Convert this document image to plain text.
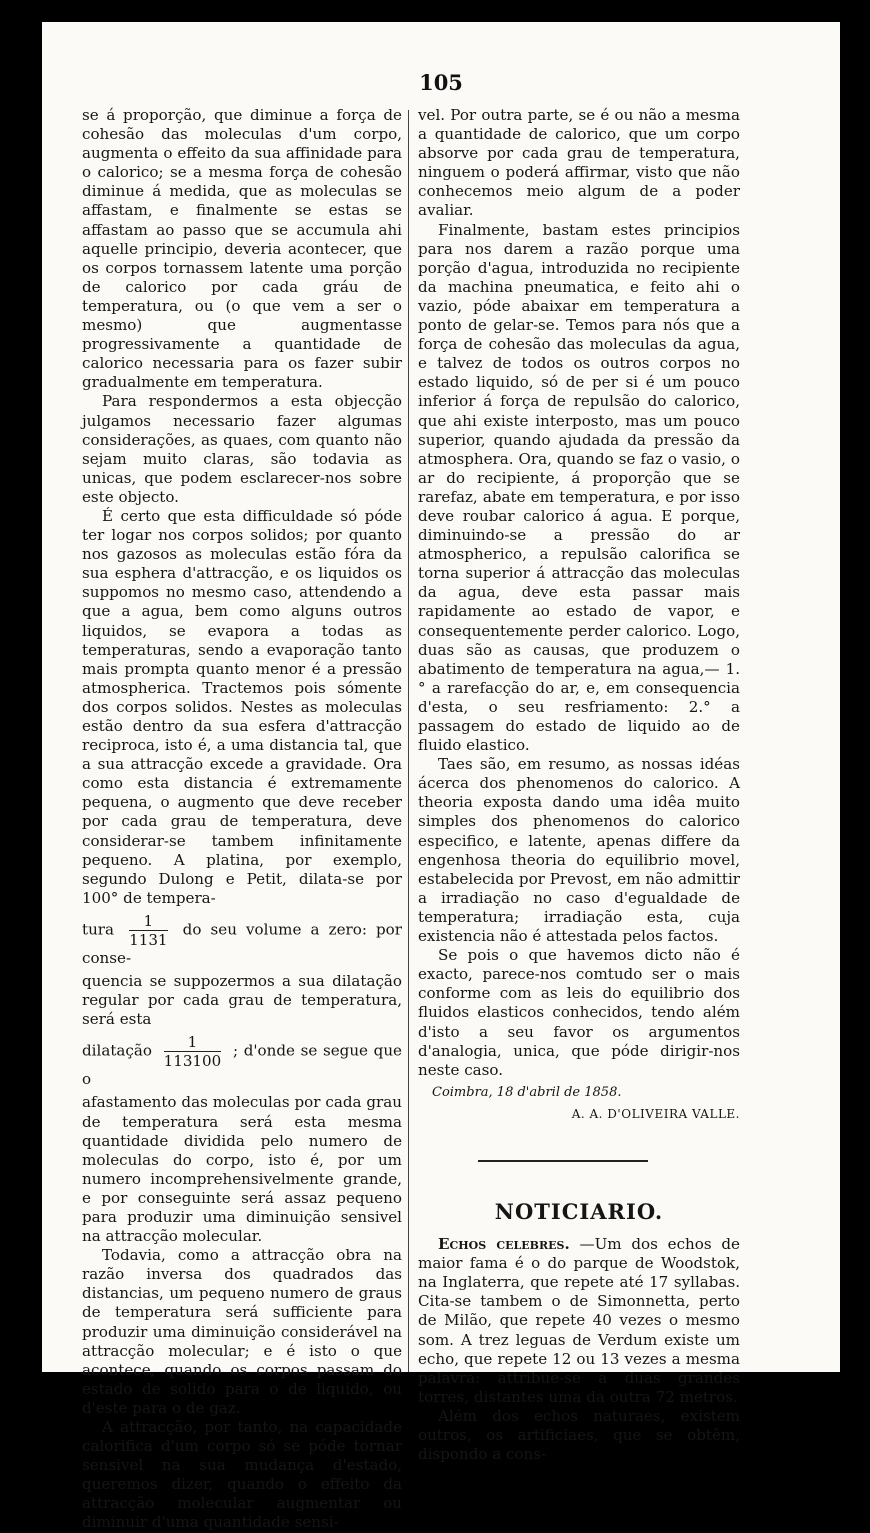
105

se á proporção, que diminue a força de cohesão das moleculas d'um corpo, augmenta o effeito da sua affinidade para o calorico; se a mesma força de cohesão diminue á medida, que as moleculas se affastam, e finalmente se estas se affastam ao passo que se accumula ahi aquelle principio, deveria acontecer, que os corpos tornassem latente uma porção de calorico por cada gráu de temperatura, ou (o que vem a ser o mesmo) que augmentasse progressivamente a quantidade de calorico necessaria para os fazer subir gradualmente em temperatura.

Para respondermos a esta objecção julgamos necessario fazer algumas considerações, as quaes, com quanto não sejam muito claras, são todavia as unicas, que podem esclarecer-nos sobre este objecto.

É certo que esta difficuldade só póde ter logar nos corpos solidos; por quanto nos gazosos as moleculas estão fóra da sua esphera d'attracção, e os liquidos os suppomos no mesmo caso, attendendo a que a agua, bem como alguns outros liquidos, se evapora a todas as temperaturas, sendo a evaporação tanto mais prompta quanto menor é a pressão atmospherica. Tractemos pois sómente dos corpos solidos. Nestes as moleculas estão dentro da sua esfera d'attracção reciproca, isto é, a uma distancia tal, que a sua attracção excede a gravidade. Ora como esta distancia é extremamente pequena, o augmento que deve receber por cada grau de temperatura, deve considerar-se tambem infinitamente pequeno. A platina, por exemplo, segundo Dulong e Petit, dilata-se por 100° de tempera-

tura $\frac{1}{1131}$ do seu volume a zero: por conse-

quencia se suppozermos a sua dilatação regular por cada grau de temperatura, será esta

dilatação $\frac{1}{113100}$ ; d'onde se segue que o

afastamento das moleculas por cada grau de temperatura será esta mesma quantidade dividida pelo numero de moleculas do corpo, isto é, por um numero incomprehensivelmente grande, e por conseguinte será assaz pequeno para produzir uma diminuição sensivel na attracção molecular.

Todavia, como a attracção obra na razão inversa dos quadrados das distancias, um pequeno numero de graus de temperatura será sufficiente para produzir uma diminuição considerável na attracção molecular; e é isto o que acontece, quando os corpos passam do estado de solido para o de liquido, ou d'este para o de gaz.

A attracção, por tanto, na capacidade calorifica d'um corpo só se póde tornar sensivel na sua mudança d'estado, queremos dizer, quando o effeito da attracção molecular augmentar ou diminuir d'uma quantidade sensi-

vel. Por outra parte, se é ou não a mesma a quantidade de calorico, que um corpo absorve por cada grau de temperatura, ninguem o poderá affirmar, visto que não conhecemos meio algum de a poder avaliar.

Finalmente, bastam estes principios para nos darem a razão porque uma porção d'agua, introduzida no recipiente da machina pneumatica, e feito ahi o vazio, póde abaixar em temperatura a ponto de gelar-se. Temos para nós que a força de cohesão das moleculas da agua, e talvez de todos os outros corpos no estado liquido, só de per si é um pouco inferior á força de repulsão do calorico, que ahi existe interposto, mas um pouco superior, quando ajudada da pressão da atmosphera. Ora, quando se faz o vasio, o ar do recipiente, á proporção que se rarefaz, abate em temperatura, e por isso deve roubar calorico á agua. E porque, diminuindo-se a pressão do ar atmospherico, a repulsão calorifica se torna superior á attracção das moleculas da agua, deve esta passar mais rapidamente ao estado de vapor, e consequentemente perder calorico. Logo, duas são as causas, que produzem o abatimento de temperatura na agua,— 1.° a rarefacção do ar, e, em consequencia d'esta, o seu resfriamento: 2.° a passagem do estado de liquido ao de fluido elastico.

Taes são, em resumo, as nossas idéas ácerca dos phenomenos do calorico. A theoria exposta dando uma idêa muito simples dos phenomenos do calorico especifico, e latente, apenas differe da engenhosa theoria do equilibrio movel, estabelecida por Prevost, em não admittir a irradiação no caso d'egualdade de temperatura; irradiação esta, cuja existencia não é attestada pelos factos.

Se pois o que havemos dicto não é exacto, parece-nos comtudo ser o mais conforme com as leis do equilibrio dos fluidos elasticos conhecidos, tendo além d'isto a seu favor os argumentos d'analogia, unica, que póde dirigir-nos neste caso.

Coimbra, 18 d'abril de 1858.

A. A. D'OLIVEIRA VALLE.

NOTICIARIO.

Echos celebres. —Um dos echos de maior fama é o do parque de Woodstok, na Inglaterra, que repete até 17 syllabas. Cita-se tambem o de Simonnetta, perto de Milão, que repete 40 vezes o mesmo som. A trez leguas de Verdum existe um echo, que repete 12 ou 13 vezes a mesma palavra: attribue-se a duas grandes torres, distantes uma da outra 72 metros.

Além dos echos naturaes, existem outros, os artificiaes, que se obtêm, dispondo a cons-
